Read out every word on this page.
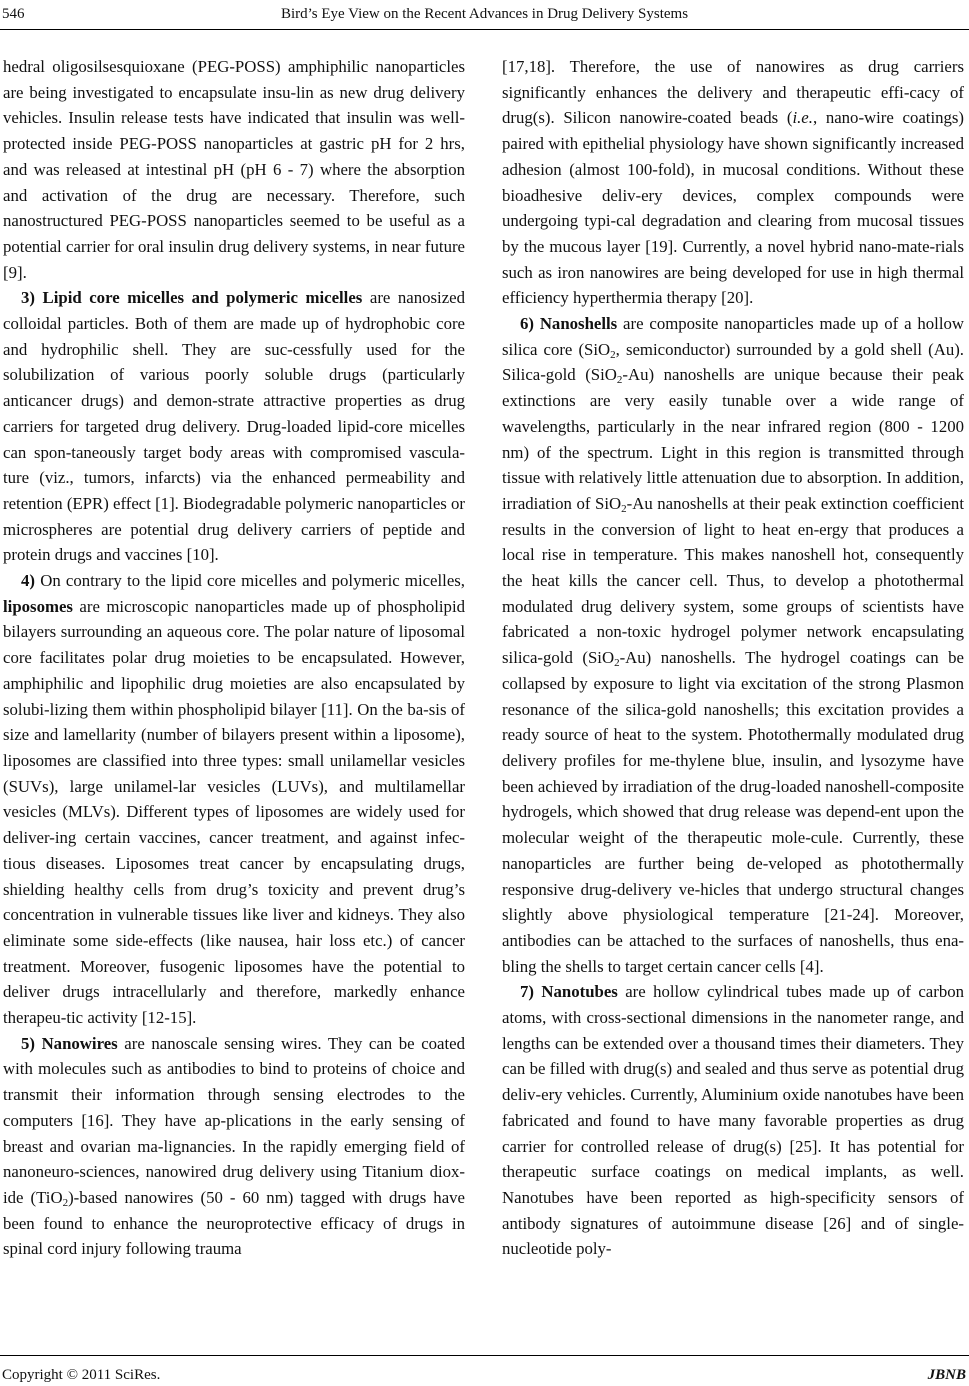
546	Bird’s Eye View on the Recent Advances in Drug Delivery Systems

hedral oligosilsesquioxane (PEG-POSS) amphiphilic nanoparticles are being investigated to encapsulate insu-lin as new drug delivery vehicles. Insulin release tests have indicated that insulin was well-protected inside PEG-POSS nanoparticles at gastric pH for 2 hrs, and was released at intestinal pH (pH 6 - 7) where the absorption and activation of the drug are necessary. Therefore, such nanostructured PEG-POSS nanoparticles seemed to be useful as a potential carrier for oral insulin drug delivery systems, in near future [9].

3) Lipid core micelles and polymeric micelles are nanosized colloidal particles. Both of them are made up of hydrophobic core and hydrophilic shell. They are suc-cessfully used for the solubilization of various poorly soluble drugs (particularly anticancer drugs) and demon-strate attractive properties as drug carriers for targeted drug delivery. Drug-loaded lipid-core micelles can spon-taneously target body areas with compromised vascula-ture (viz., tumors, infarcts) via the enhanced permeability and retention (EPR) effect [1]. Biodegradable polymeric nanoparticles or microspheres are potential drug delivery carriers of peptide and protein drugs and vaccines [10].

4) On contrary to the lipid core micelles and polymeric micelles, liposomes are microscopic nanoparticles made up of phospholipid bilayers surrounding an aqueous core. The polar nature of liposomal core facilitates polar drug moieties to be encapsulated. However, amphiphilic and lipophilic drug moieties are also encapsulated by solubi-lizing them within phospholipid bilayer [11]. On the ba-sis of size and lamellarity (number of bilayers present within a liposome), liposomes are classified into three types: small unilamellar vesicles (SUVs), large unilamel-lar vesicles (LUVs), and multilamellar vesicles (MLVs). Different types of liposomes are widely used for deliver-ing certain vaccines, cancer treatment, and against infec-tious diseases. Liposomes treat cancer by encapsulating drugs, shielding healthy cells from drug’s toxicity and prevent drug’s concentration in vulnerable tissues like liver and kidneys. They also eliminate some side-effects (like nausea, hair loss etc.) of cancer treatment. Moreover, fusogenic liposomes have the potential to deliver drugs intracellularly and therefore, markedly enhance therapeu-tic activity [12-15].

5) Nanowires are nanoscale sensing wires. They can be coated with molecules such as antibodies to bind to proteins of choice and transmit their information through sensing electrodes to the computers [16]. They have ap-plications in the early sensing of breast and ovarian ma-lignancies. In the rapidly emerging field of nanoneuro-sciences, nanowired drug delivery using Titanium diox-ide (TiO$_2$)-based nanowires (50 - 60 nm) tagged with drugs have been found to enhance the neuroprotective efficacy of drugs in spinal cord injury following trauma

[17,18]. Therefore, the use of nanowires as drug carriers significantly enhances the delivery and therapeutic effi-cacy of drug(s). Silicon nanowire-coated beads (i.e., nano-wire coatings) paired with epithelial physiology have shown significantly increased adhesion (almost 100-fold), in mucosal conditions. Without these bioadhesive deliv-ery devices, complex compounds were undergoing typi-cal degradation and clearing from mucosal tissues by the mucous layer [19]. Currently, a novel hybrid nano-mate-rials such as iron nanowires are being developed for use in high thermal efficiency hyperthermia therapy [20].

6) Nanoshells are composite nanoparticles made up of a hollow silica core (SiO$_2$, semiconductor) surrounded by a gold shell (Au). Silica-gold (SiO$_2$-Au) nanoshells are unique because their peak extinctions are very easily tunable over a wide range of wavelengths, particularly in the near infrared region (800 - 1200 nm) of the spectrum. Light in this region is transmitted through tissue with relatively little attenuation due to absorption. In addition, irradiation of SiO$_2$-Au nanoshells at their peak extinction coefficient results in the conversion of light to heat en-ergy that produces a local rise in temperature. This makes nanoshell hot, consequently the heat kills the cancer cell. Thus, to develop a photothermal modulated drug delivery system, some groups of scientists have fabricated a non-toxic hydrogel polymer network encapsulating silica-gold (SiO$_2$-Au) nanoshells. The hydrogel coatings can be collapsed by exposure to light via excitation of the strong Plasmon resonance of the silica-gold nanoshells; this excitation provides a ready source of heat to the system. Photothermally modulated drug delivery profiles for me-thylene blue, insulin, and lysozyme have been achieved by irradiation of the drug-loaded nanoshell-composite hydrogels, which showed that drug release was depend-ent upon the molecular weight of the therapeutic mole-cule. Currently, these nanoparticles are further being de-veloped as photothermally responsive drug-delivery ve-hicles that undergo structural changes slightly above physiological temperature [21-24]. Moreover, antibodies can be attached to the surfaces of nanoshells, thus ena-bling the shells to target certain cancer cells [4].

7) Nanotubes are hollow cylindrical tubes made up of carbon atoms, with cross-sectional dimensions in the nanometer range, and lengths can be extended over a thousand times their diameters. They can be filled with drug(s) and sealed and thus serve as potential drug deliv-ery vehicles. Currently, Aluminium oxide nanotubes have been fabricated and found to have many favorable properties as drug carrier for controlled release of drug(s) [25]. It has potential for therapeutic surface coatings on medical implants, as well. Nanotubes have been reported as high-specificity sensors of antibody signatures of autoimmune disease [26] and of single-nucleotide poly-

Copyright © 2011 SciRes.	JBNB
